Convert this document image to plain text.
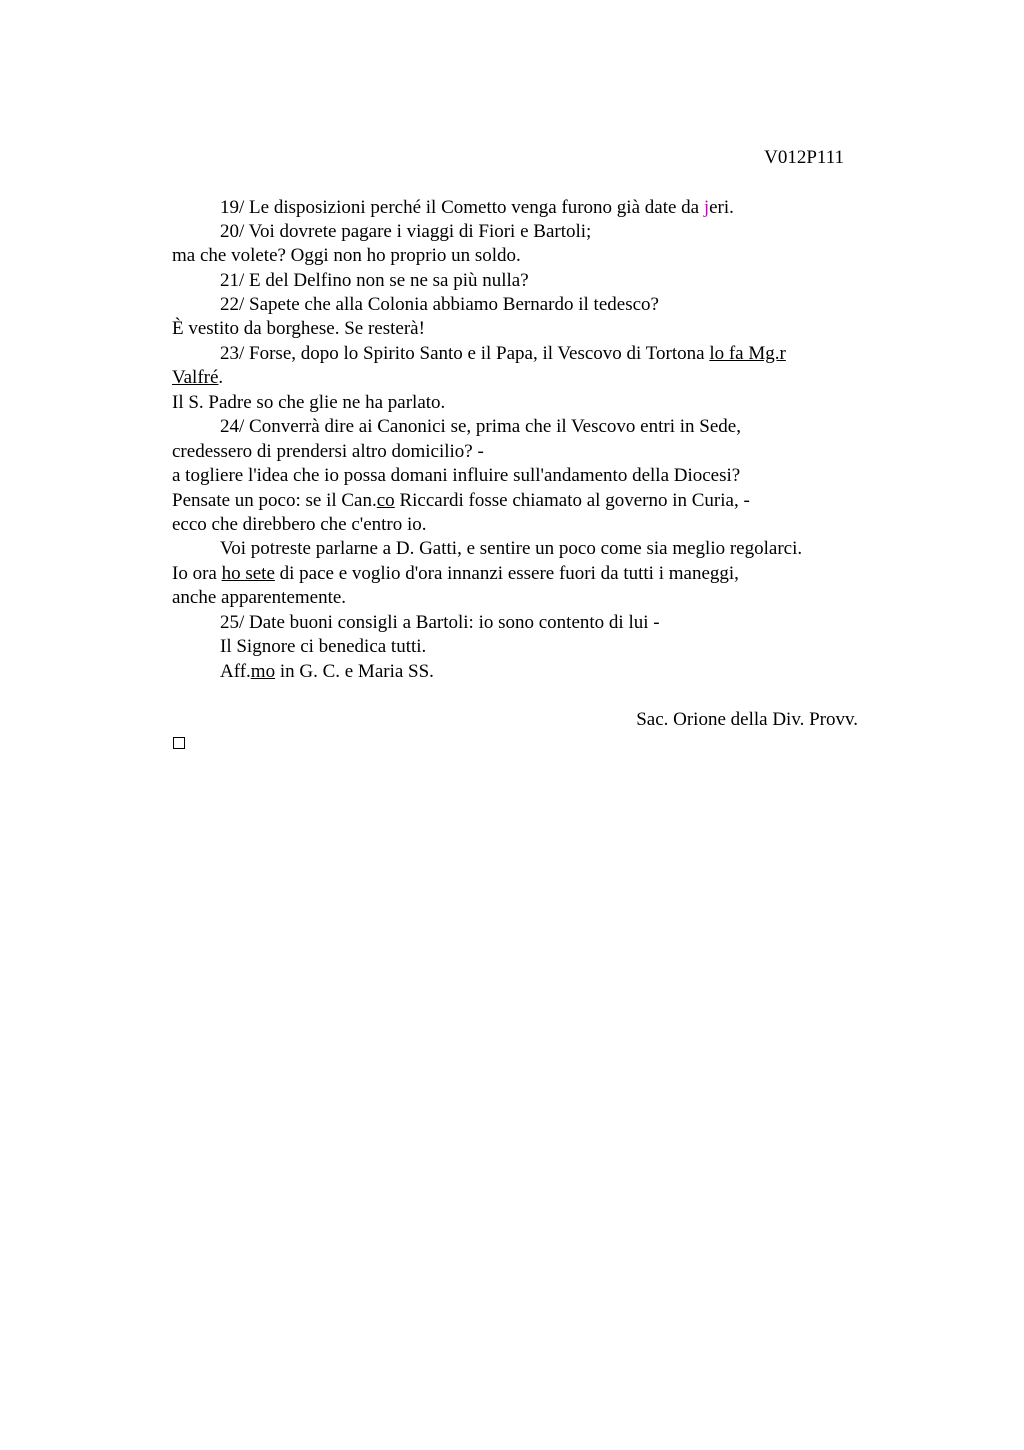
V012P111
19/ Le disposizioni perché il Cometto venga furono già date da jeri.
20/ Voi dovrete pagare i viaggi di Fiori e Bartoli;
ma che volete? Oggi non ho proprio un soldo.
21/ E del Delfino non se ne sa più nulla?
22/ Sapete che alla Colonia abbiamo Bernardo il tedesco?
È vestito da borghese. Se resterà!
23/ Forse, dopo lo Spirito Santo e il Papa, il Vescovo di Tortona lo fa Mg.r
Valfré.
Il S. Padre so che glie ne ha parlato.
24/ Converrà dire ai Canonici se, prima che il Vescovo entri in Sede,
credessero di prendersi altro domicilio? -
a togliere l'idea che io possa domani influire sull'andamento della Diocesi?
Pensate un poco: se il Can.co Riccardi fosse chiamato al governo in Curia, -
ecco che direbbero che c'entro io.
Voi potreste parlarne a D. Gatti, e sentire un poco come sia meglio regolarci.
Io ora ho sete di pace e voglio d'ora innanzi essere fuori da tutti i maneggi,
anche apparentemente.
25/ Date buoni consigli a Bartoli: io sono contento di lui -
Il Signore ci benedica tutti.
Aff.mo in G. C. e Maria SS.
Sac. Orione della Div. Provv.
